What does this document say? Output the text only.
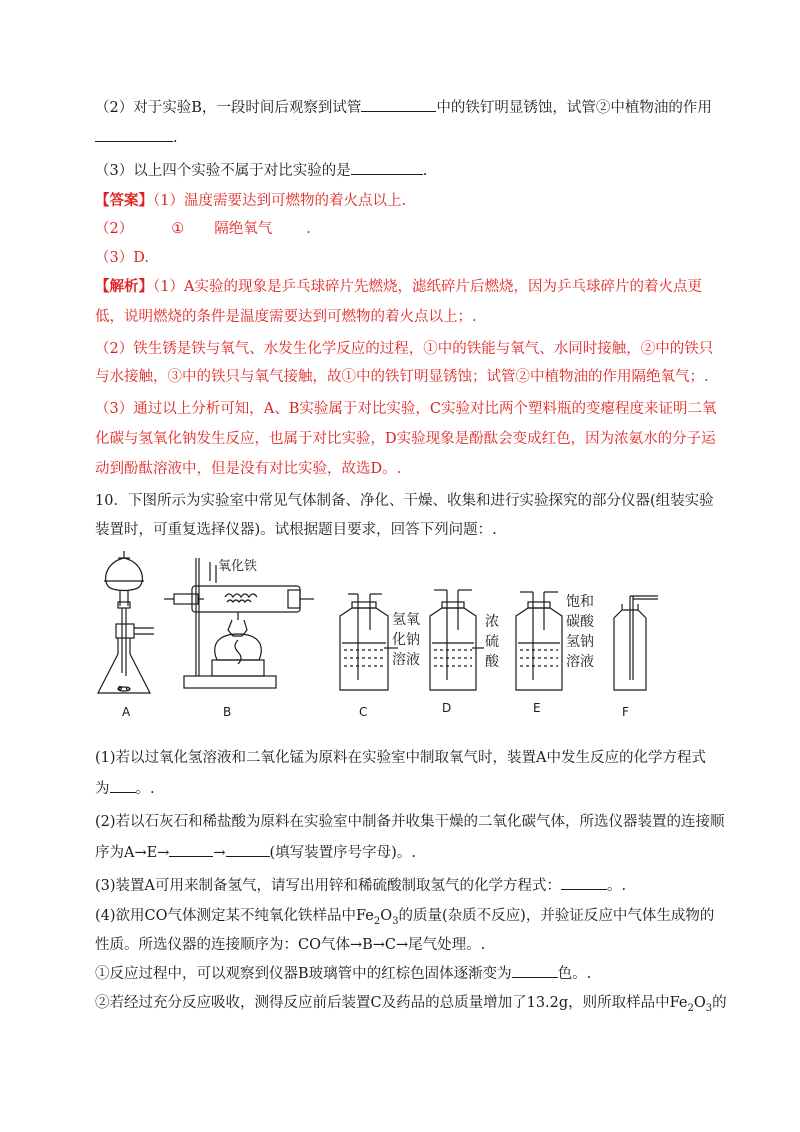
（2）对于实验B，一段时间后观察到试管	中的铁钉明显锈蚀，试管②中植物油的作用
.
（3）以上四个实验不属于对比实验的是	.
【答案】（1）温度需要达到可燃物的着火点以上.
（2）	① 隔绝氧气 .
（3）D.
【解析】（1）A实验的现象是乒乓球碎片先燃烧，滤纸碎片后燃烧，因为乒乓球碎片的着火点更
低，说明燃烧的条件是温度需要达到可燃物的着火点以上；.
（2）铁生锈是铁与氧气、水发生化学反应的过程，①中的铁能与氧气、水同时接触，②中的铁只
与水接触，③中的铁只与氧气接触，故①中的铁钉明显锈蚀；试管②中植物油的作用隔绝氧气；.
（3）通过以上分析可知，A、B实验属于对比实验，C实验对比两个塑料瓶的变瘪程度来证明二氧
化碳与氢氧化钠发生反应，也属于对比实验，D实验现象是酚酞会变成红色，因为浓氨水的分子运
动到酚酞溶液中，但是没有对比实验，故选D。.
10．下图所示为实验室中常见气体制备、净化、干燥、收集和进行实验探究的部分仪器(组装实验
装置时，可重复选择仪器)。试根据题目要求，回答下列问题：.
A	B
氧化铁
C
氢氧
化钠
溶液
D
浓
硫
酸
E
饱和
碳酸
氢钠
溶液
F
(1)若以过氧化氢溶液和二氧化锰为原料在实验室中制取氧气时，装置A中发生反应的化学方程式
为 。.
(2)若以石灰石和稀盐酸为原料在实验室中制备并收集干燥的二氧化碳气体，所选仪器装置的连接顺
序为A→E→	→	(填写装置序号字母)。.
(3)装置A可用来制备氢气，请写出用锌和稀硫酸制取氢气的化学方程式：	。.
(4)欲用CO气体测定某不纯氧化铁样品中$Fe_2O_3$的质量(杂质不反应)，并验证反应中气体生成物的
性质。所选仪器的连接顺序为：CO气体→B→C→尾气处理。.
①反应过程中，可以观察到仪器B玻璃管中的红棕色固体逐渐变为	色。.
②若经过充分反应吸收，测得反应前后装置C及药品的总质量增加了13.2g，则所取样品中$Fe_2O_3$的
